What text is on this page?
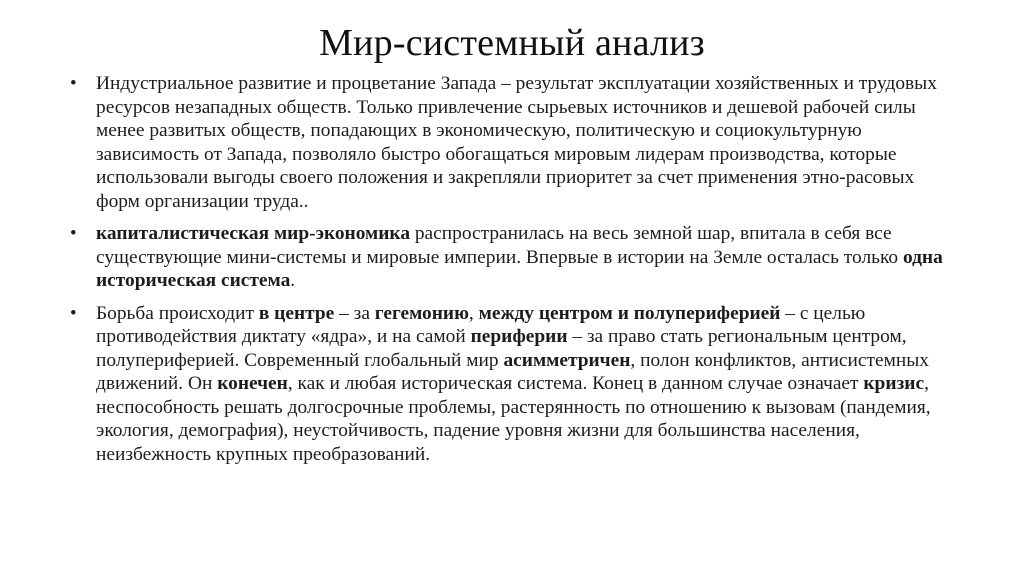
Мир-системный анализ
• Индустриальное развитие и процветание Запада – результат эксплуатации хозяйственных и трудовых ресурсов незападных обществ. Только привлечение сырьевых источников и дешевой рабочей силы менее развитых обществ, попадающих в экономическую, политическую и социокультурную зависимость от Запада, позволяло быстро обогащаться мировым лидерам производства, которые использовали выгоды своего положения и закрепляли приоритет за счет применения этно-расовых форм организации труда..
• капиталистическая мир-экономика распространилась на весь земной шар, впитала в себя все существующие мини-системы и мировые империи. Впервые в истории на Земле осталась только одна историческая система.
• Борьба происходит в центре – за гегемонию, между центром и полупериферией – с целью противодействия диктату «ядра», и на самой периферии – за право стать региональным центром, полупериферией. Современный глобальный мир асимметричен, полон конфликтов, антисистемных движений. Он конечен, как и любая историческая система. Конец в данном случае означает кризис, неспособность решать долгосрочные проблемы, растерянность по отношению к вызовам (пандемия, экология, демография), неустойчивость, падение уровня жизни для большинства населения, неизбежность крупных преобразований.
